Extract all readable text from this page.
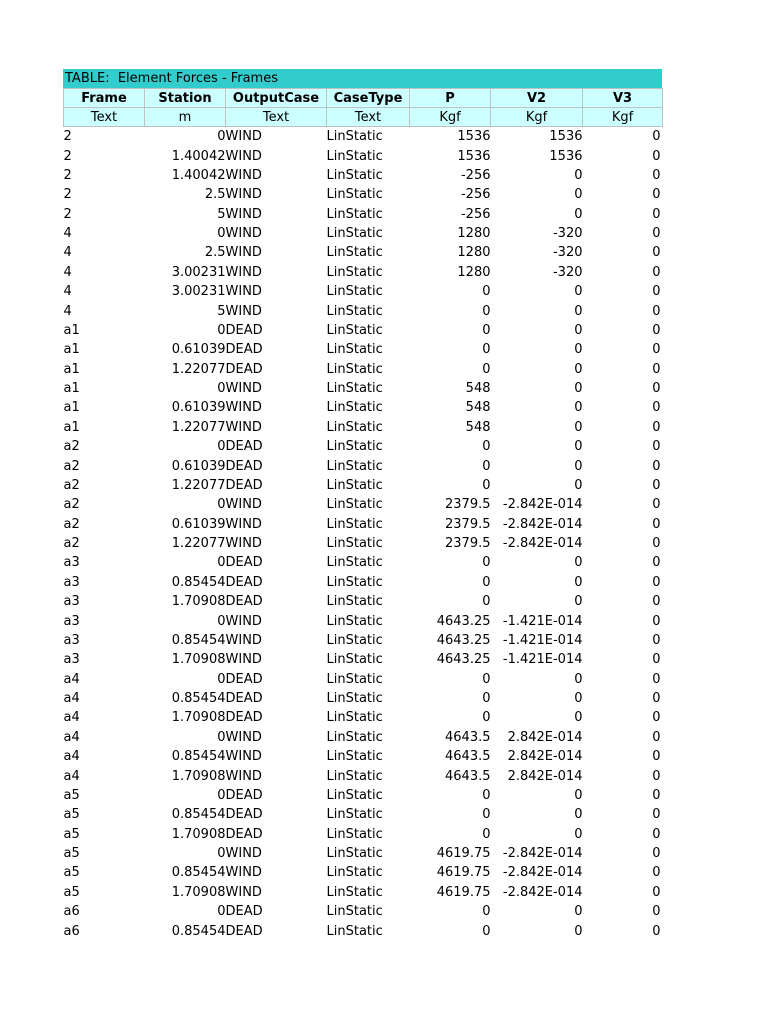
TABLE:  Element Forces - Frames
Frame	Station	OutputCase	CaseType	P	V2	V3
Text	m	Text	Text	Kgf	Kgf	Kgf
2	0	WIND	LinStatic	1536	1536	0
2	1.40042	WIND	LinStatic	1536	1536	0
2	1.40042	WIND	LinStatic	-256	0	0
2	2.5	WIND	LinStatic	-256	0	0
2	5	WIND	LinStatic	-256	0	0
4	0	WIND	LinStatic	1280	-320	0
4	2.5	WIND	LinStatic	1280	-320	0
4	3.00231	WIND	LinStatic	1280	-320	0
4	3.00231	WIND	LinStatic	0	0	0
4	5	WIND	LinStatic	0	0	0
a1	0	DEAD	LinStatic	0	0	0
a1	0.61039	DEAD	LinStatic	0	0	0
a1	1.22077	DEAD	LinStatic	0	0	0
a1	0	WIND	LinStatic	548	0	0
a1	0.61039	WIND	LinStatic	548	0	0
a1	1.22077	WIND	LinStatic	548	0	0
a2	0	DEAD	LinStatic	0	0	0
a2	0.61039	DEAD	LinStatic	0	0	0
a2	1.22077	DEAD	LinStatic	0	0	0
a2	0	WIND	LinStatic	2379.5	-2.842E-014	0
a2	0.61039	WIND	LinStatic	2379.5	-2.842E-014	0
a2	1.22077	WIND	LinStatic	2379.5	-2.842E-014	0
a3	0	DEAD	LinStatic	0	0	0
a3	0.85454	DEAD	LinStatic	0	0	0
a3	1.70908	DEAD	LinStatic	0	0	0
a3	0	WIND	LinStatic	4643.25	-1.421E-014	0
a3	0.85454	WIND	LinStatic	4643.25	-1.421E-014	0
a3	1.70908	WIND	LinStatic	4643.25	-1.421E-014	0
a4	0	DEAD	LinStatic	0	0	0
a4	0.85454	DEAD	LinStatic	0	0	0
a4	1.70908	DEAD	LinStatic	0	0	0
a4	0	WIND	LinStatic	4643.5	2.842E-014	0
a4	0.85454	WIND	LinStatic	4643.5	2.842E-014	0
a4	1.70908	WIND	LinStatic	4643.5	2.842E-014	0
a5	0	DEAD	LinStatic	0	0	0
a5	0.85454	DEAD	LinStatic	0	0	0
a5	1.70908	DEAD	LinStatic	0	0	0
a5	0	WIND	LinStatic	4619.75	-2.842E-014	0
a5	0.85454	WIND	LinStatic	4619.75	-2.842E-014	0
a5	1.70908	WIND	LinStatic	4619.75	-2.842E-014	0
a6	0	DEAD	LinStatic	0	0	0
a6	0.85454	DEAD	LinStatic	0	0	0
